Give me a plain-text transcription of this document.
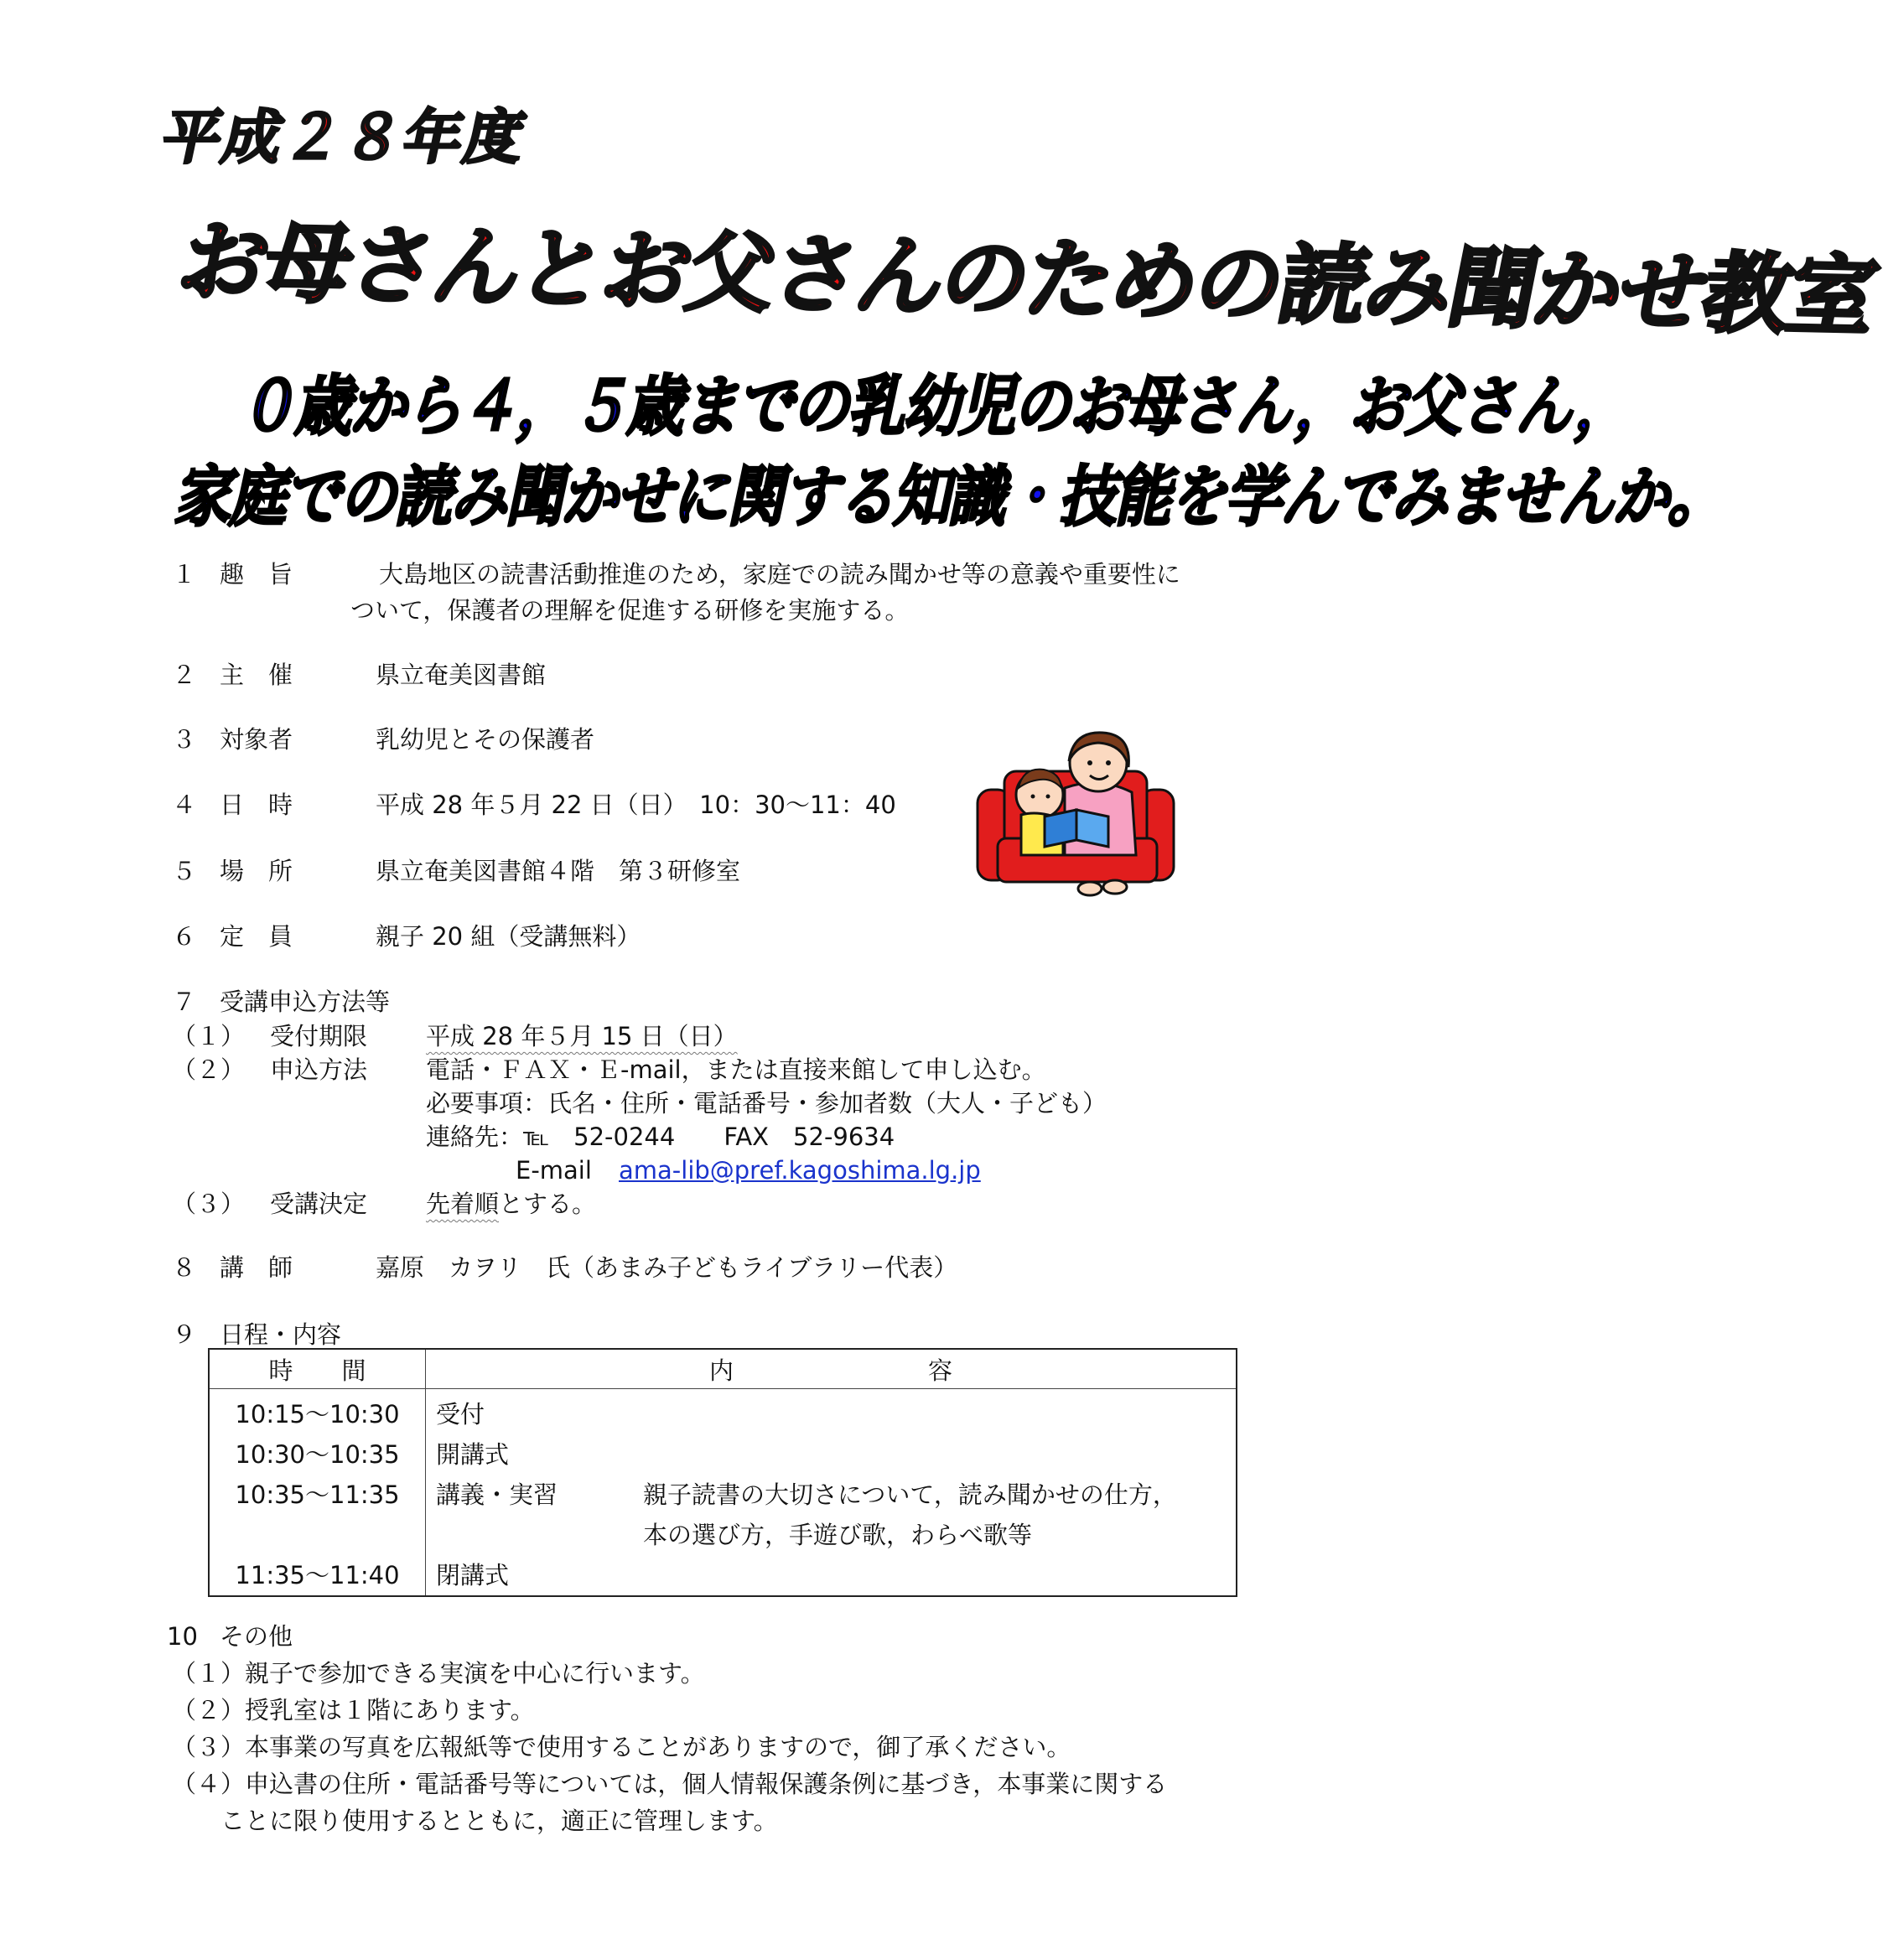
平成２８年度
お母さんとお父さんのための読み聞かせ教室
０歳から４，５歳までの乳幼児のお母さん，お父さん，
家庭での読み聞かせに関する知識・技能を学んでみませんか。
１ 趣　旨	大島地区の読書活動推進のため，家庭での読み聞かせ等の意義や重要性に
ついて，保護者の理解を促進する研修を実施する。
２ 主　催	県立奄美図書館
３ 対象者	乳幼児とその保護者
４ 日　時	平成 28 年５月 22 日（日）　10：30～11：40
５ 場　所	県立奄美図書館４階　第３研修室
６ 定　員	親子 20 組（受講無料）
７ 受講申込方法等
（１） 受付期限 平成 28 年５月 15 日（日）
（２） 申込方法 電話・ＦＡＸ・Ｅ-mail，または直接来館して申し込む。
必要事項：氏名・住所・電話番号・参加者数（大人・子ども）
連絡先：℡　52-0244　　FAX　52-9634
E-mail ama-lib@pref.kagoshima.lg.jp
（３） 受講決定 先着順とする。
８ 講　師	嘉原　カヲリ　氏（あまみ子どもライブラリー代表）
９ 日程・内容
時　　間	内　　　　　　　　容	
10:15～10:30	受付	
10:30～10:35	開講式	
10:35～11:35	講義・実習	親子読書の大切さについて，読み聞かせの仕方，
		本の選び方，手遊び歌，わらべ歌等
11:35～11:40	閉講式	
10 その他
（１）親子で参加できる実演を中心に行います。
（２）授乳室は１階にあります。
（３）本事業の写真を広報紙等で使用することがありますので，御了承ください。
（４）申込書の住所・電話番号等については，個人情報保護条例に基づき，本事業に関する
　　ことに限り使用するとともに，適正に管理します。
